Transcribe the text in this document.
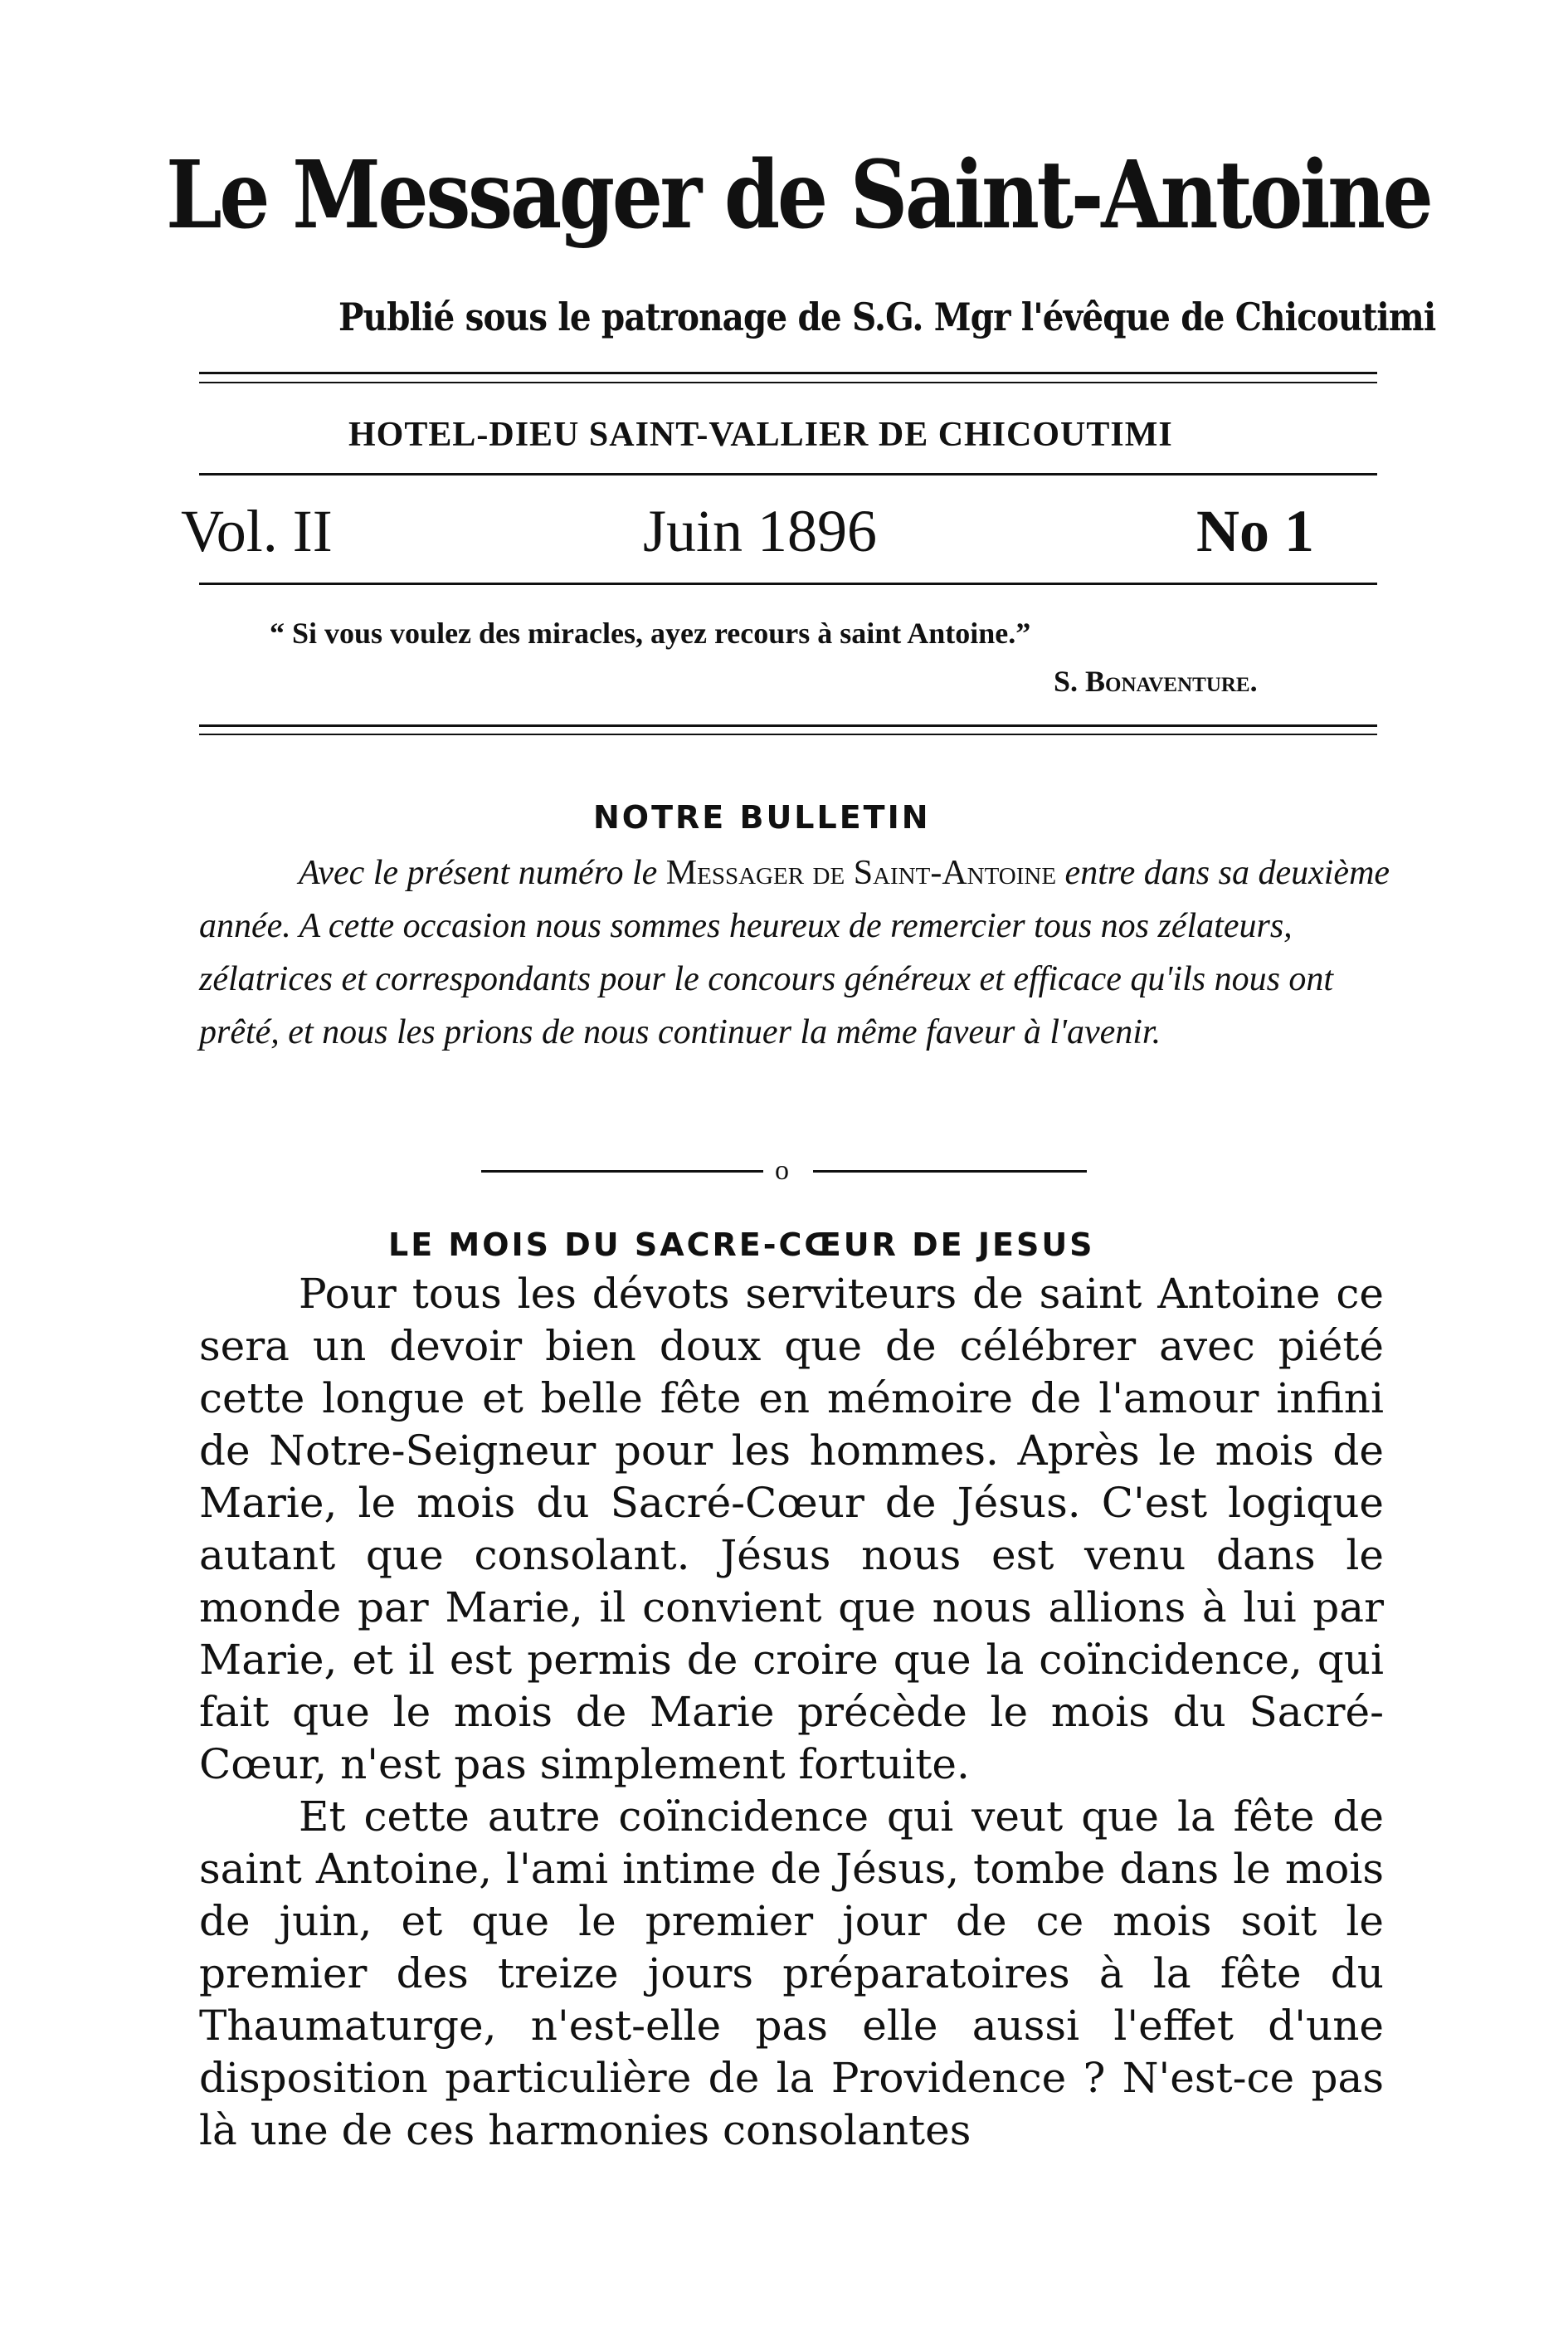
Le Messager de Saint-Antoine
Publié sous le patronage de S.G. Mgr l'évêque de Chicoutimi
HOTEL-DIEU SAINT-VALLIER DE CHICOUTIMI
Vol. II	Juin 1896	No 1
“ Si vous voulez des miracles, ayez recours à saint Antoine.”
S. Bonaventure.
NOTRE BULLETIN

Avec le présent numéro le Messager de Saint-Antoine entre dans sa deuxième année. A cette occasion nous sommes heureux de remercier tous nos zélateurs, zélatrices et correspondants pour le concours généreux et efficace qu'ils nous ont prêté, et nous les prions de nous continuer la même faveur à l'avenir.

o
LE MOIS DU SACRE-CŒUR DE JESUS

Pour tous les dévots serviteurs de saint Antoine ce sera un devoir bien doux que de célébrer avec piété cette longue et belle fête en mémoire de l'amour infini de Notre-Seigneur pour les hommes. Après le mois de Marie, le mois du Sacré-Cœur de Jésus. C'est logique autant que consolant. Jésus nous est venu dans le monde par Marie, il convient que nous allions à lui par Marie, et il est permis de croire que la coïncidence, qui fait que le mois de Marie précède le mois du Sacré-Cœur, n'est pas simplement fortuite.

Et cette autre coïncidence qui veut que la fête de saint Antoine, l'ami intime de Jésus, tombe dans le mois de juin, et que le premier jour de ce mois soit le premier des treize jours préparatoires à la fête du Thaumaturge, n'est-elle pas elle aussi l'effet d'une disposition particulière de la Providence ? N'est-ce pas là une de ces harmonies consolantes
